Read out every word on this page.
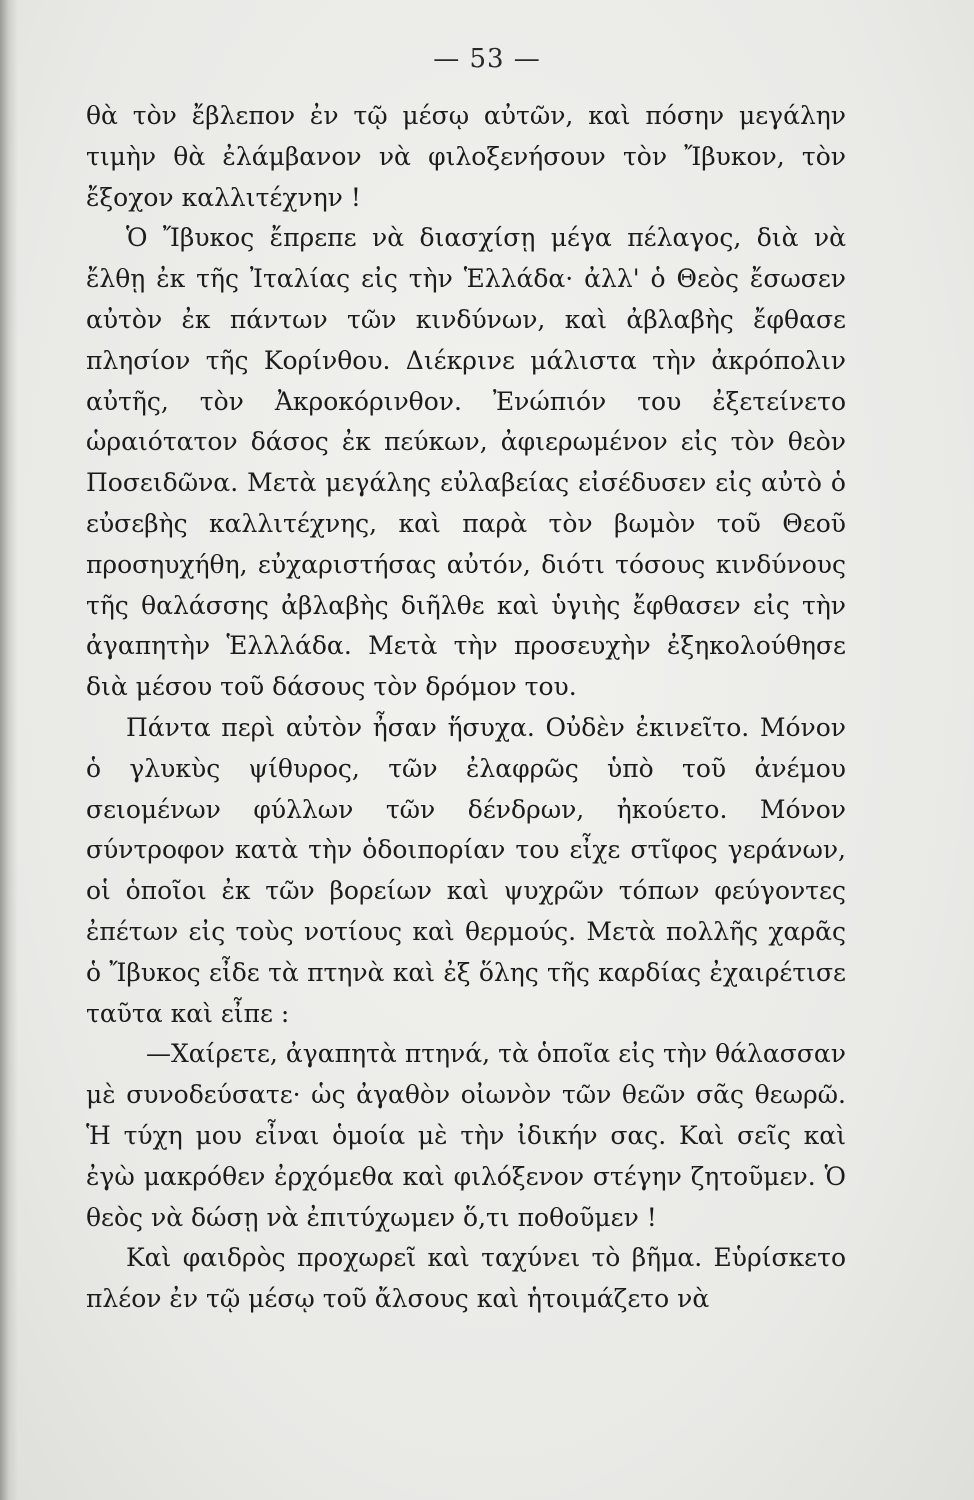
— 53 —

θὰ τὸν ἔβλεπον ἐν τῷ μέσῳ αὐτῶν, καὶ πόσην μεγάλην τιμὴν θὰ ἐλάμβανον νὰ φιλοξενήσουν τὸν Ἴβυκον, τὸν ἔξοχον καλλιτέχνην !

Ὁ Ἴβυκος ἔπρεπε νὰ διασχίσῃ μέγα πέλαγος, διὰ νὰ ἔλθῃ ἐκ τῆς Ἰταλίας εἰς τὴν Ἑλλάδα· ἀλλ' ὁ Θεὸς ἔσωσεν αὐτὸν ἐκ πάντων τῶν κινδύνων, καὶ ἀβλαβὴς ἔφθασε πλησίον τῆς Κορίνθου. Διέκρινε μάλιστα τὴν ἀκρόπολιν αὐτῆς, τὸν Ἀκροκόρινθον. Ἐνώπιόν του ἐξετείνετο ὡραιότατον δάσος ἐκ πεύκων, ἀφιερωμένον εἰς τὸν θεὸν Ποσειδῶνα. Μετὰ μεγάλης εὐλαβείας εἰσέδυσεν εἰς αὐτὸ ὁ εὐσεβὴς καλλιτέχνης, καὶ παρὰ τὸν βωμὸν τοῦ Θεοῦ προσηυχήθη, εὐχαριστήσας αὐτόν, διότι τόσους κινδύνους τῆς θαλάσσης ἀβλαβὴς διῆλθε καὶ ὑγιὴς ἔφθασεν εἰς τὴν ἀγαπητὴν Ἑλλλάδα. Μετὰ τὴν προσευχὴν ἐξηκολούθησε διὰ μέσου τοῦ δάσους τὸν δρόμον του.

Πάντα περὶ αὐτὸν ἦσαν ἥσυχα. Οὐδὲν ἐκινεῖτο. Μόνον ὁ γλυκὺς ψίθυρος, τῶν ἐλαφρῶς ὑπὸ τοῦ ἀνέμου σειομένων φύλλων τῶν δένδρων, ἠκούετο. Μόνον σύντροφον κατὰ τὴν ὁδοιπορίαν του εἶχε στῖφος γεράνων, οἱ ὁποῖοι ἐκ τῶν βορείων καὶ ψυχρῶν τόπων φεύγοντες ἐπέτων εἰς τοὺς νοτίους καὶ θερμούς. Μετὰ πολλῆς χαρᾶς ὁ Ἴβυκος εἶδε τὰ πτηνὰ καὶ ἐξ ὅλης τῆς καρδίας ἐχαιρέτισε ταῦτα καὶ εἶπε :

—Χαίρετε, ἀγαπητὰ πτηνά, τὰ ὁποῖα εἰς τὴν θάλασσαν μὲ συνοδεύσατε· ὡς ἀγαθὸν οἰωνὸν τῶν θεῶν σᾶς θεωρῶ. Ἡ τύχη μου εἶναι ὁμοία μὲ τὴν ἰδικήν σας. Καὶ σεῖς καὶ ἐγὼ μακρόθεν ἐρχόμεθα καὶ φιλόξενον στέγην ζητοῦμεν. Ὁ θεὸς νὰ δώσῃ νὰ ἐπιτύχωμεν ὅ,τι ποθοῦμεν !

Καὶ φαιδρὸς προχωρεῖ καὶ ταχύνει τὸ βῆμα. Εὑρίσκετο πλέον ἐν τῷ μέσῳ τοῦ ἄλσους καὶ ἡτοιμάζετο νὰ
